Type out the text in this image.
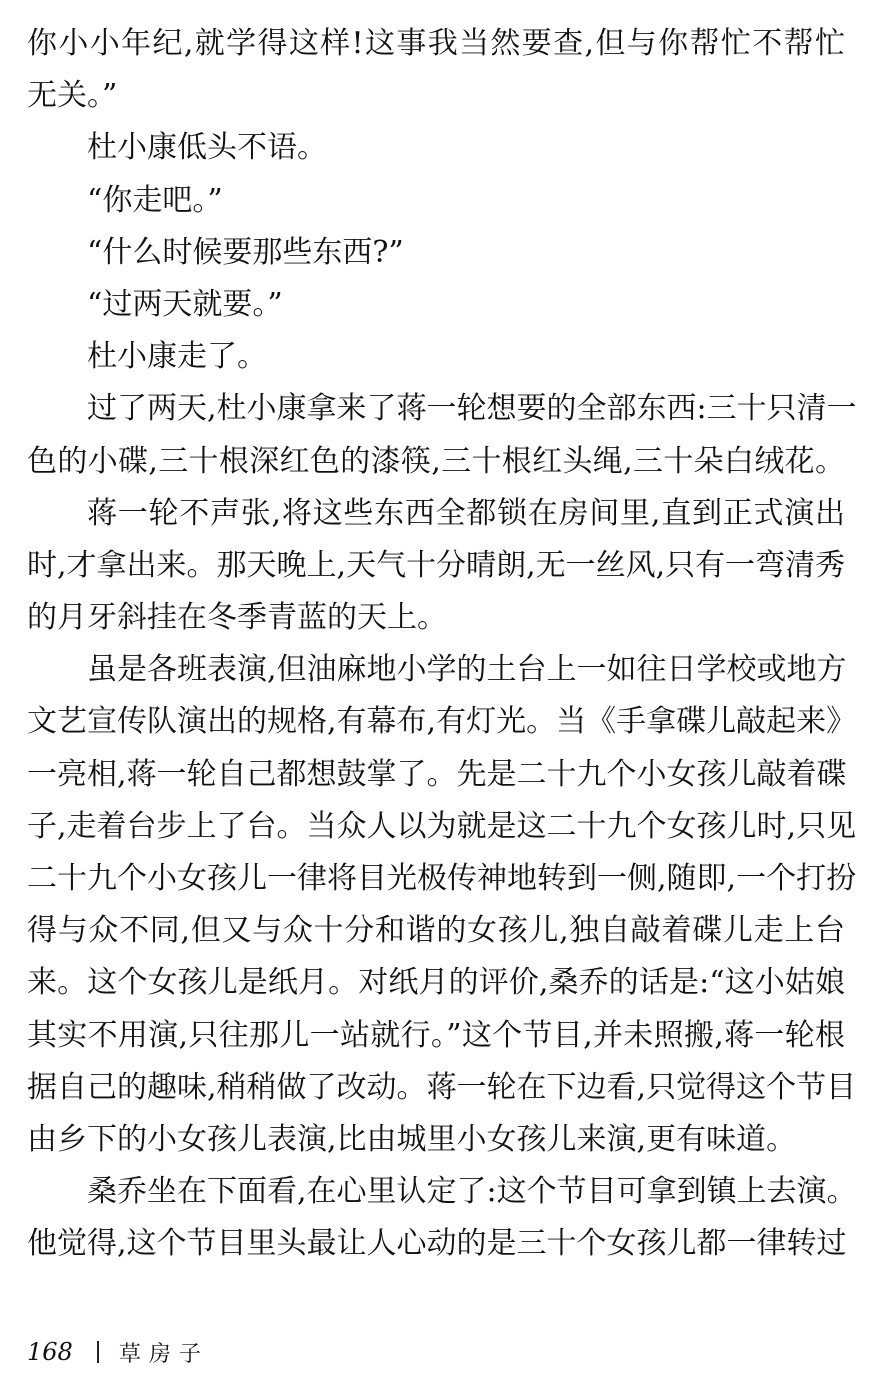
你小小年纪,就学得这样!这事我当然要查,但与你帮忙不帮忙
无关。”
杜小康低头不语。
“你走吧。”
“什么时候要那些东西?”
“过两天就要。”
杜小康走了。
过了两天,杜小康拿来了蒋一轮想要的全部东西:三十只清一
色的小碟,三十根深红色的漆筷,三十根红头绳,三十朵白绒花。
蒋一轮不声张,将这些东西全都锁在房间里,直到正式演出
时,才拿出来。那天晚上,天气十分晴朗,无一丝风,只有一弯清秀
的月牙斜挂在冬季青蓝的天上。
虽是各班表演,但油麻地小学的土台上一如往日学校或地方
文艺宣传队演出的规格,有幕布,有灯光。当《手拿碟儿敲起来》
一亮相,蒋一轮自己都想鼓掌了。先是二十九个小女孩儿敲着碟
子,走着台步上了台。当众人以为就是这二十九个女孩儿时,只见
二十九个小女孩儿一律将目光极传神地转到一侧,随即,一个打扮
得与众不同,但又与众十分和谐的女孩儿,独自敲着碟儿走上台
来。这个女孩儿是纸月。对纸月的评价,桑乔的话是:“这小姑娘
其实不用演,只往那儿一站就行。”这个节目,并未照搬,蒋一轮根
据自己的趣味,稍稍做了改动。蒋一轮在下边看,只觉得这个节目
由乡下的小女孩儿表演,比由城里小女孩儿来演,更有味道。
桑乔坐在下面看,在心里认定了:这个节目可拿到镇上去演。
他觉得,这个节目里头最让人心动的是三十个女孩儿都一律转过
168 草房子
